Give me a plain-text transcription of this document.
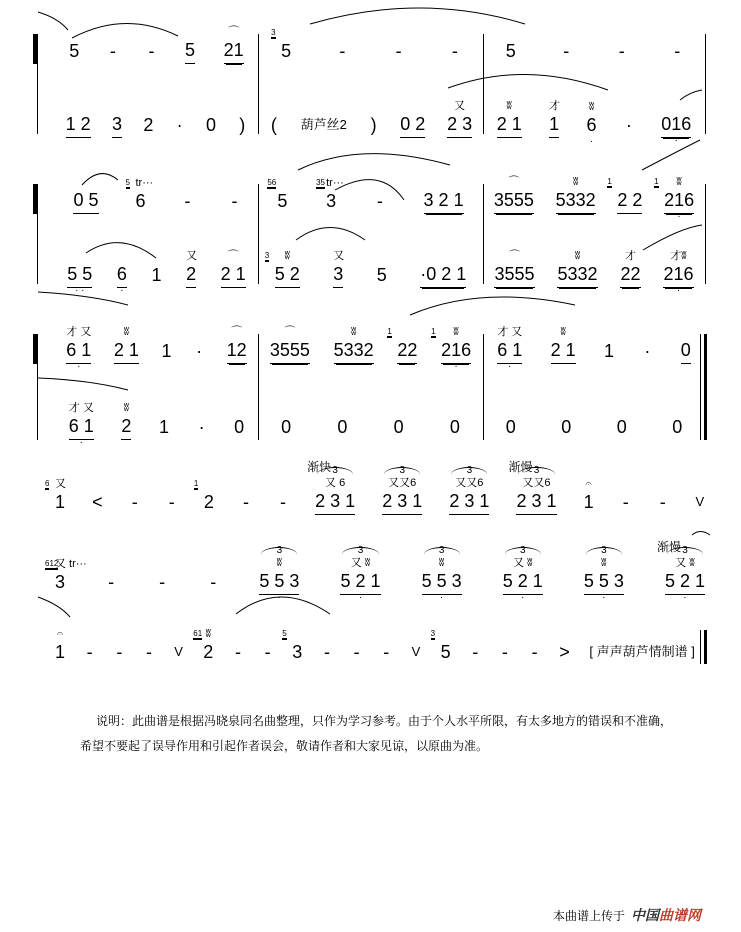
5 - - 5 21
⌒
5
3
-	-	-	5	-	-	-
1 2 3 2 · 0 ) ( 葫芦丝2 ) 0 2 2 3
又
2 1
ʬ
1
才
6
ʬ
·
· 016
·
0 5 6
5 tr···
- - 5
56
3
35 tr···
- 3 2 1 3555
⌒
5332
ʬ
2 2
1
216
1	ʬ
·
5 5
· ·
6
·
1 2
又
2 1
⌒
5 2
3	ʬ
3
又
5 ·0 2 1 3555
⌒
5332
ʬ
22
才
216
才ʬ
·
6 1
才 又
·
2 1
ʬ
1 · 12
⌒
3555
⌒
5332
ʬ
22
1
216
1	ʬ
·
6 1
才 又
·
2 1
ʬ
1 · 0
6 1
才 又
·
2
ʬ
1 · 0 0	0	0	0	0	0	0	0
1
6 又
< - - 2
1
- - 2 3 1
又 6
3
渐快
2 3 1
又又6
3
2 3 1
又又6
3
2 3 1
又又6
3
渐慢
1
𝄐
- - V
3
612
又 tr···
-	-	- 5 5 3
ʬ
·
3
5 2 1
又 ʬ
·
3
5 5 3
ʬ
·
3
5 2 1
又 ʬ
·
3
5 5 3
ʬ
·
3
5 2 1
又 ʬ
·
3
渐慢
1
𝄐
- - - V 2
61 ʬ
- - 3
5
- - - V 5
3
- - - > [ 声声葫芦情制谱 ]
说明：此曲谱是根据冯晓泉同名曲整理，只作为学习参考。由于个人水平所限，有太多地方的错误和不准确，
希望不要起了误导作用和引起作者误会，敬请作者和大家见谅，以原曲为准。
本曲谱上传于 中国曲谱网
